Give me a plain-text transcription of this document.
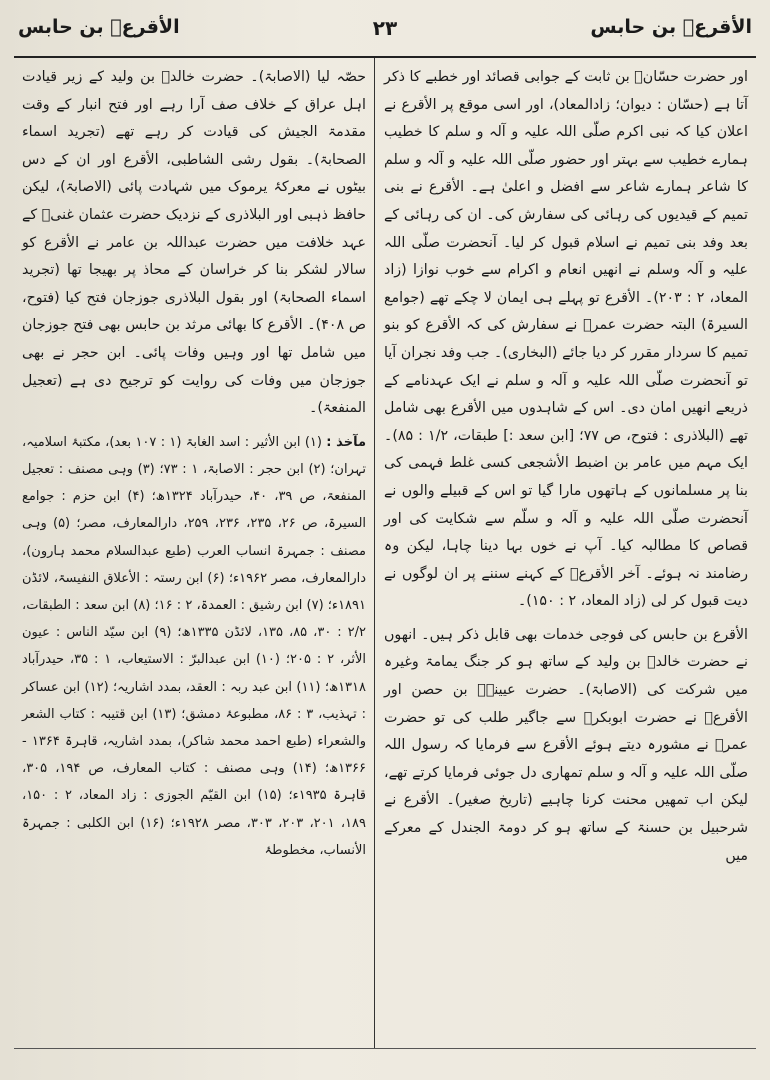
الأقرعؓ بن حابس
۲۳
الأقرعؓ بن حابس

اور حضرت حسّانؓ بن ثابت کے جوابی قصائد اور خطبے کا ذکر آتا ہے (حسّان : دیوان؛ زادالمعاد)، اور اسی موقع پر الأقرع نے اعلان کیا کہ نبی اکرم صلّی اللہ علیہ و آلہ و سلم کا خطیب ہمارے خطیب سے بہتر اور حضور صلّی اللہ علیہ و آلہ و سلم کا شاعر ہمارے شاعر سے افضل و اعلیٰ ہے۔ الأقرع نے بنی تمیم کے قیدیوں کی رہائی کی سفارش کی۔ ان کی رہائی کے بعد وفد بنی تمیم نے اسلام قبول کر لیا۔ آنحضرت صلّی اللہ علیہ و آلہ وسلم نے انھیں انعام و اکرام سے خوب نوازا (زاد المعاد، ۲ : ۲۰۳)۔ الأقرع تو پہلے ہی ایمان لا چکے تھے (جوامع السیرۃ) البتہ حضرت عمرؓ نے سفارش کی کہ الأقرع کو بنو تمیم کا سردار مقرر کر دیا جائے (البخاری)۔ جب وفد نجران آیا تو آنحضرت صلّی اللہ علیہ و آلہ و سلم نے ایک عہدنامے کے ذریعے انھیں امان دی۔ اس کے شاہدوں میں الأقرع بھی شامل تھے (البلاذری : فتوح، ص ۷۷؛ [ابن سعد :] طبقات، ۱/۲ : ۸۵)۔ ایک مہم میں عامر بن اضبط الأشجعی کسی غلط فہمی کی بنا پر مسلمانوں کے ہاتھوں مارا گیا تو اس کے قبیلے والوں نے آنحضرت صلّی اللہ علیہ و آلہ و سلّم سے شکایت کی اور قصاص کا مطالبہ کیا۔ آپ نے خوں بہا دینا چاہا، لیکن وہ رضامند نہ ہوئے۔ آخر الأقرعؓ کے کہنے سننے پر ان لوگوں نے دیت قبول کر لی (زاد المعاد، ۲ : ۱۵۰)۔

الأقرع بن حابس کی فوجی خدمات بھی قابل ذکر ہیں۔ انھوں نے حضرت خالدؓ بن ولید کے ساتھ ہو کر جنگ یمامۃ وغیرہ میں شرکت کی (الاصابۃ)۔ حضرت عیینۃؓ بن حصن اور الأقرعؓ نے حضرت ابوبکرؓ سے جاگیر طلب کی تو حضرت عمرؓ نے مشورہ دیتے ہوئے الأقرع سے فرمایا کہ رسول اللہ صلّی اللہ علیہ و آلہ و سلم تمھاری دل جوئی فرمایا کرتے تھے، لیکن اب تمھیں محنت کرنا چاہیے (تاریخ صغیر)۔ الأقرع نے شرحبیل بن حسنۃ کے ساتھ ہو کر دومۃ الجندل کے معرکے میں

حصّہ لیا (الاصابۃ)۔ حضرت خالدؓ بن ولید کے زیر قیادت اہل عراق کے خلاف صف آرا رہے اور فتح انبار کے وقت مقدمۃ الجیش کی قیادت کر رہے تھے (تجرید اسماء الصحابۃ)۔ بقول رشی الشاطبی، الأقرع اور ان کے دس بیٹوں نے معرکۂ یرموک میں شہادت پائی (الاصابۃ)، لیکن حافظ ذہبی اور البلاذری کے نزدیک حضرت عثمان غنیؓ کے عہد خلافت میں حضرت عبداللہ بن عامر نے الأقرع کو سالار لشکر بنا کر خراسان کے محاذ پر بھیجا تھا (تجرید اسماء الصحابۃ) اور بقول البلاذری جوزجان فتح کیا (فتوح، ص ۴۰۸)۔ الأقرع کا بھائی مرثد بن حابس بھی فتح جوزجان میں شامل تھا اور وہیں وفات پائی۔ ابن حجر نے بھی جوزجان میں وفات کی روایت کو ترجیح دی ہے (تعجیل المنفعۃ)۔

مآخذ : (۱) ابن الأثیر : اسد الغابۃ (۱ : ۱۰۷ بعد)، مکتبۂ اسلامیہ، تہران؛ (۲) ابن حجر : الاصابۃ، ۱ : ۷۳؛ (۳) وہی مصنف : تعجیل المنفعۃ، ص ۳۹، ۴۰، حیدرآباد ۱۳۲۴ھ؛ (۴) ابن حزم : جوامع السیرۃ، ص ۲۶، ۲۳۵، ۲۳۶، ۲۵۹، دارالمعارف، مصر؛ (۵) وہی مصنف : جمہرۃ انساب العرب (طبع عبدالسلام محمد ہارون)، دارالمعارف، مصر ۱۹۶۲ء؛ (۶) ابن رستہ : الأعلاق النفیسۃ، لائڈن ۱۸۹۱ء؛ (۷) ابن رشیق : العمدۃ، ۲ : ۱۶؛ (۸) ابن سعد : الطبقات، ۲/۲ : ۳۰، ۸۵، ۱۳۵، لائڈن ۱۳۳۵ھ؛ (۹) ابن سیّد الناس : عیون الأثر، ۲ : ۲۰۵؛ (۱۰) ابن عبدالبرّ : الاستیعاب، ۱ : ۳۵، حیدرآباد ۱۳۱۸ھ؛ (۱۱) ابن عبد ربہ : العقد، بمدد اشاریہ؛ (۱۲) ابن عساکر : تہذیب، ۳ : ۸۶، مطبوعۂ دمشق؛ (۱۳) ابن قتیبہ : کتاب الشعر والشعراء (طبع احمد محمد شاکر)، بمدد اشاریہ، قاہرۃ ۱۳۶۴ - ۱۳۶۶ھ؛ (۱۴) وہی مصنف : کتاب المعارف، ص ۱۹۴، ۳۰۵، قاہرۃ ۱۹۳۵ء؛ (۱۵) ابن القیّم الجوزی : زاد المعاد، ۲ : ۱۵۰، ۱۸۹، ۲۰۱، ۲۰۳، ۳۰۳، مصر ۱۹۲۸ء؛ (۱۶) ابن الکلبی : جمہرۃ الأنساب، مخطوطۂ
